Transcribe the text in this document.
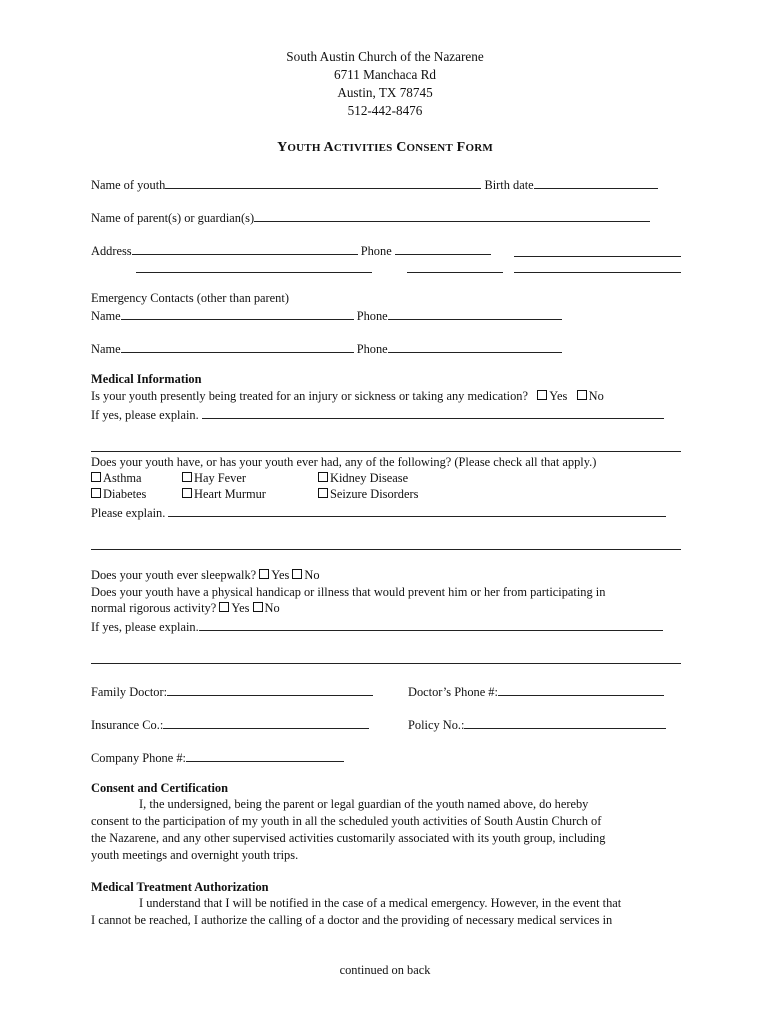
South Austin Church of the Nazarene
6711 Manchaca Rd
Austin, TX 78745
512-442-8476
YOUTH ACTIVITIES CONSENT FORM
Name of youth	Birth date
Name of parent(s) or guardian(s)
Address	Phone
Emergency Contacts (other than parent)
Name	Phone
Name	Phone
Medical Information
Is your youth presently being treated for an injury or sickness or taking any medication? Yes No
If yes, please explain.
Does your youth have, or has your youth ever had, any of the following? (Please check all that apply.)
Asthma	Hay Fever	Kidney Disease
Diabetes	Heart Murmur	Seizure Disorders
Please explain.
Does your youth ever sleepwalk? Yes No
Does your youth have a physical handicap or illness that would prevent him or her from participating in
normal rigorous activity? Yes No
If yes, please explain.
Family Doctor:	Doctor’s Phone #:
Insurance Co.:	Policy No.:
Company Phone #:
Consent and Certification
I, the undersigned, being the parent or legal guardian of the youth named above, do hereby
consent to the participation of my youth in all the scheduled youth activities of South Austin Church of
the Nazarene, and any other supervised activities customarily associated with its youth group, including
youth meetings and overnight youth trips.
Medical Treatment Authorization
I understand that I will be notified in the case of a medical emergency. However, in the event that
I cannot be reached, I authorize the calling of a doctor and the providing of necessary medical services in
continued on back
